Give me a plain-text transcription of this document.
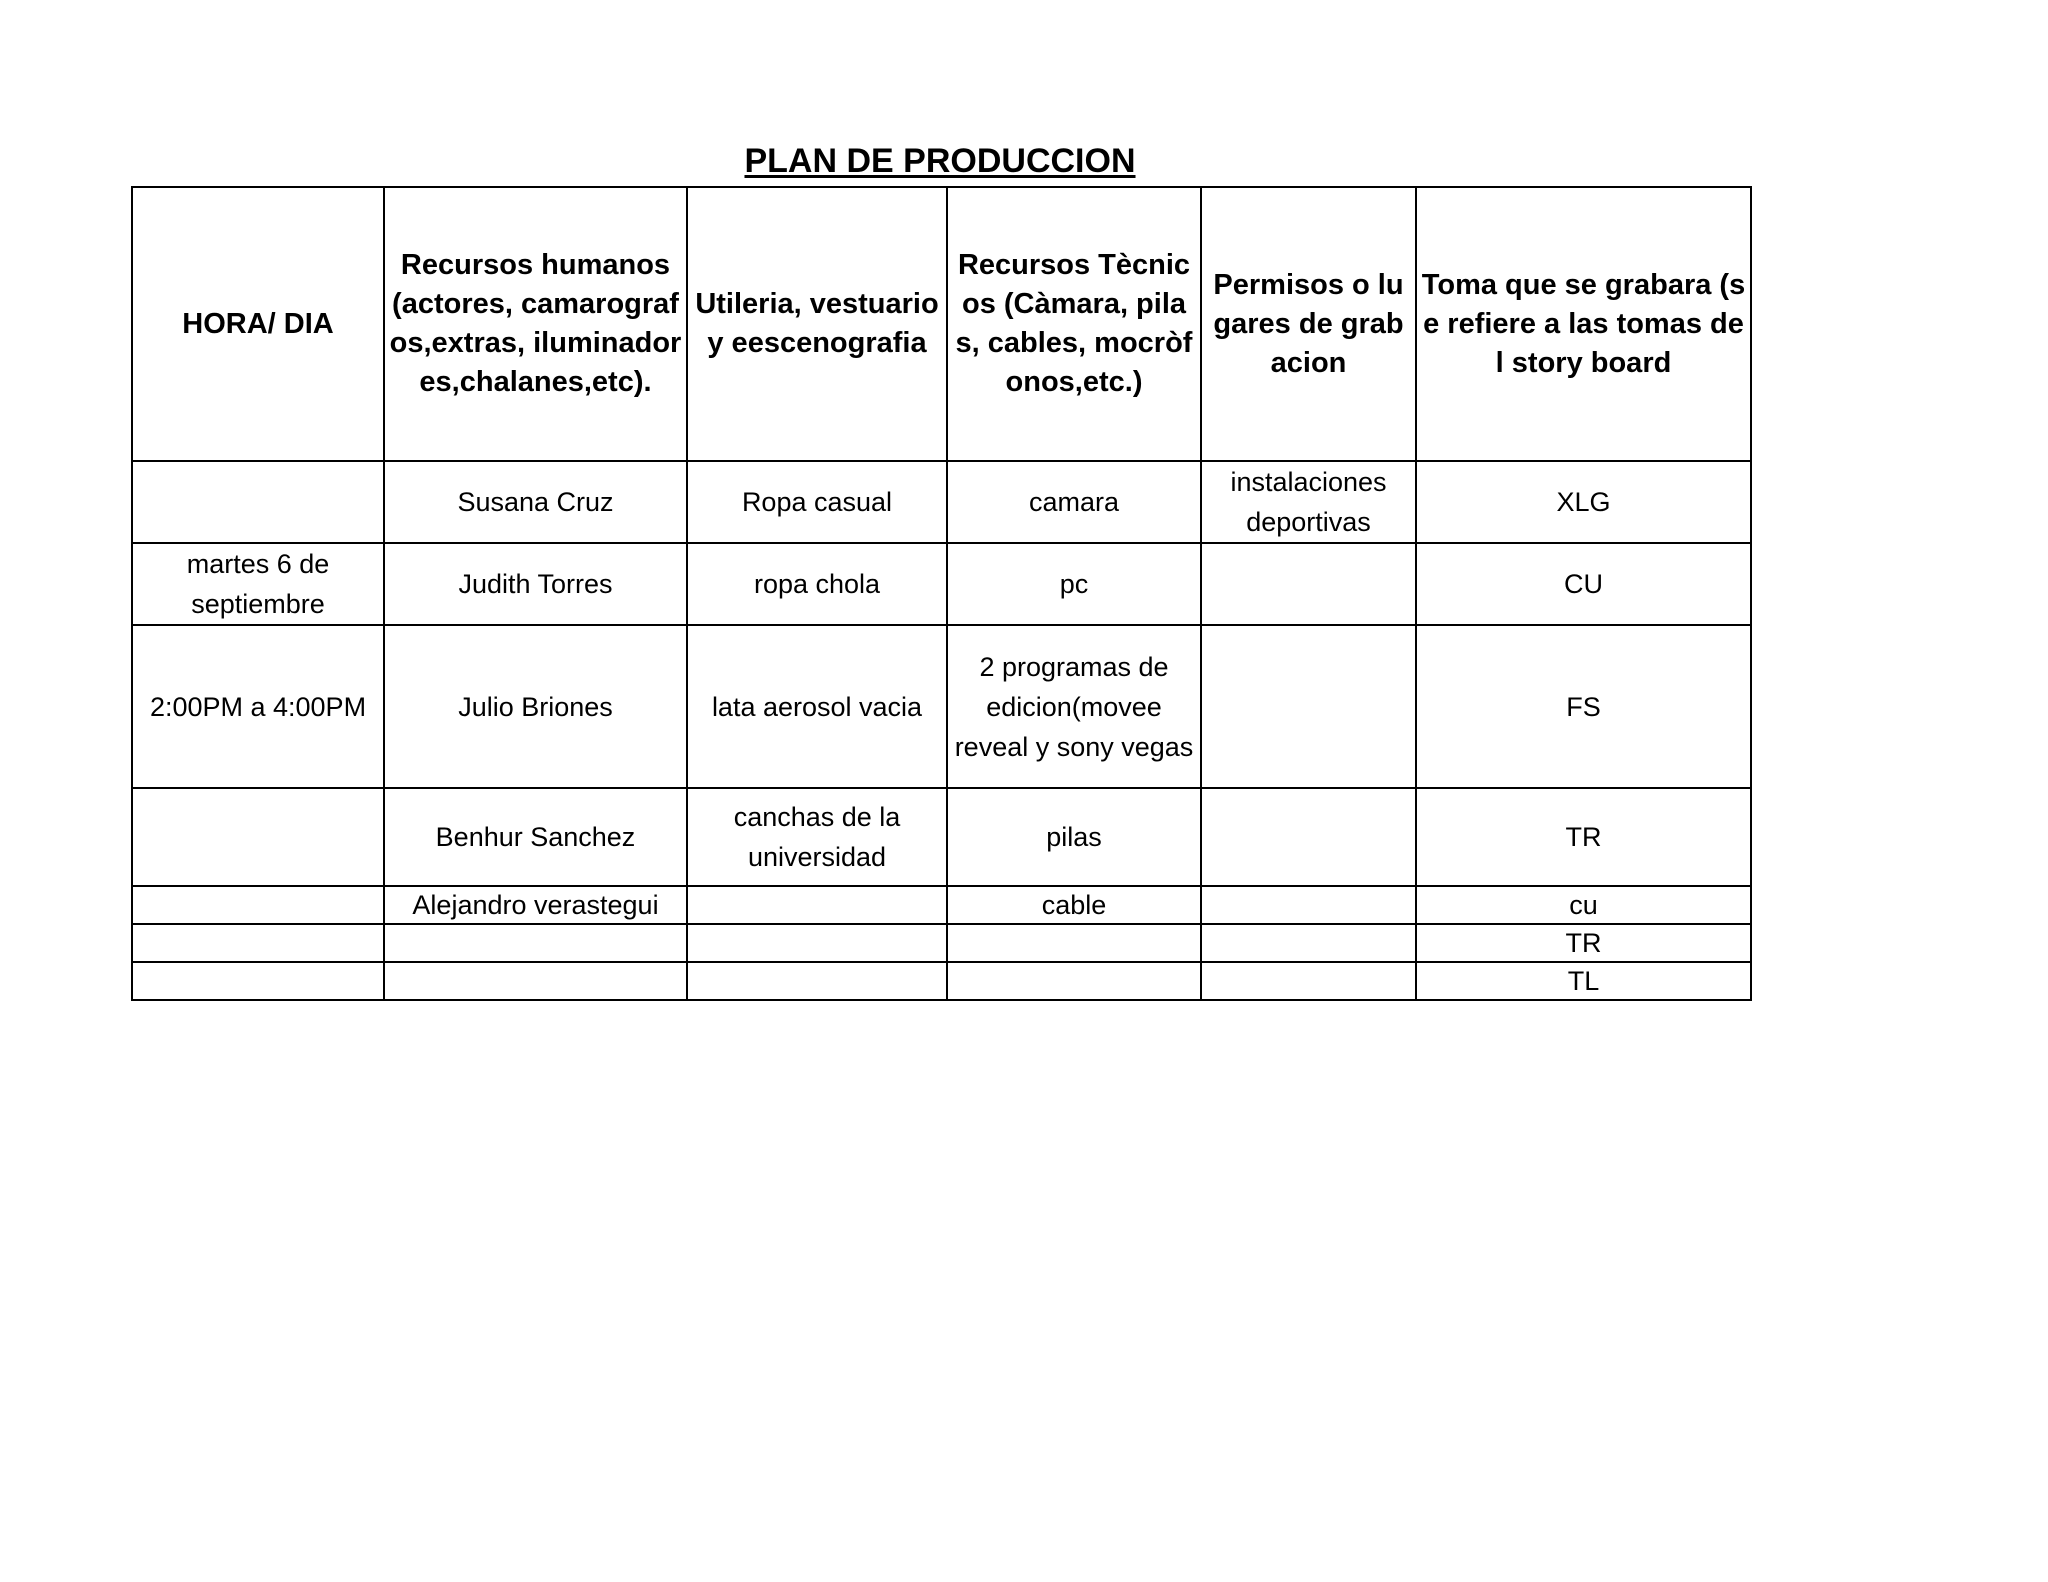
PLAN DE PRODUCCION
HORA/ DIA	Recursos humanos (actores, camarografos,extras, iluminadores,chalanes,etc).	Utileria, vestuario y eescenografia	Recursos Tècnicos (Càmara, pilas, cables, mocròfonos,etc.)	Permisos o lugares de grabacion	Toma que se grabara (se refiere a las tomas del story board
	Susana Cruz	Ropa casual	camara	instalaciones deportivas	XLG
martes 6 de septiembre	Judith Torres	ropa chola	pc		CU
2:00PM a 4:00PM	Julio Briones	lata aerosol vacia	2 programas de edicion(movee reveal y sony vegas		FS
	Benhur Sanchez	canchas de la universidad	pilas		TR
	Alejandro verastegui		cable		cu
					TR
					TL
